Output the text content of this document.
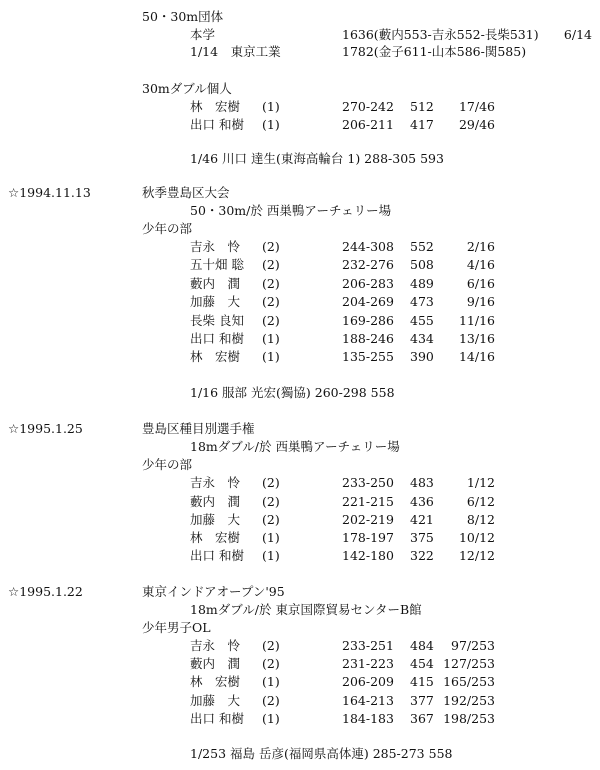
50・30m団体
本学	1636(藪内553-吉永552-長柴531) 6/14
1/14　東京工業	1782(金子611-山本586-関585)
30mダブル個人
林　宏樹 (1)	270-242 512 17/46
出口 和樹 (1)	206-211 417 29/46
1/46 川口 達生(東海高輪台 1) 288-305 593
☆1994.11.13	秋季豊島区大会
50・30m/於 西巣鴨アーチェリー場
少年の部
吉永　怜 (2)	244-308 552	2/16
五十畑 聡 (2)	232-276 508	4/16
藪内　潤 (2)	206-283 489	6/16
加藤　大 (2)	204-269 473	9/16
長柴 良知 (2)	169-286 455 11/16
出口 和樹 (1)	188-246 434 13/16
林　宏樹 (1)	135-255 390 14/16
1/16 服部 光宏(獨協) 260-298 558
☆1995.1.25	豊島区種目別選手権
18mダブル/於 西巣鴨アーチェリー場
少年の部
吉永　怜 (2)	233-250 483	1/12
藪内　潤 (2)	221-215 436	6/12
加藤　大 (2)	202-219 421	8/12
林　宏樹 (1)	178-197 375 10/12
出口 和樹 (1)	142-180 322 12/12
☆1995.1.22	東京インドアオープン'95
18mダブル/於 東京国際貿易センターB館
少年男子OL
吉永　怜 (2)	233-251 484 97/253
藪内　潤 (2)	231-223 454 127/253
林　宏樹 (1)	206-209 415 165/253
加藤　大 (2)	164-213 377 192/253
出口 和樹 (1)	184-183 367 198/253
1/253 福島 岳彦(福岡県高体連) 285-273 558
